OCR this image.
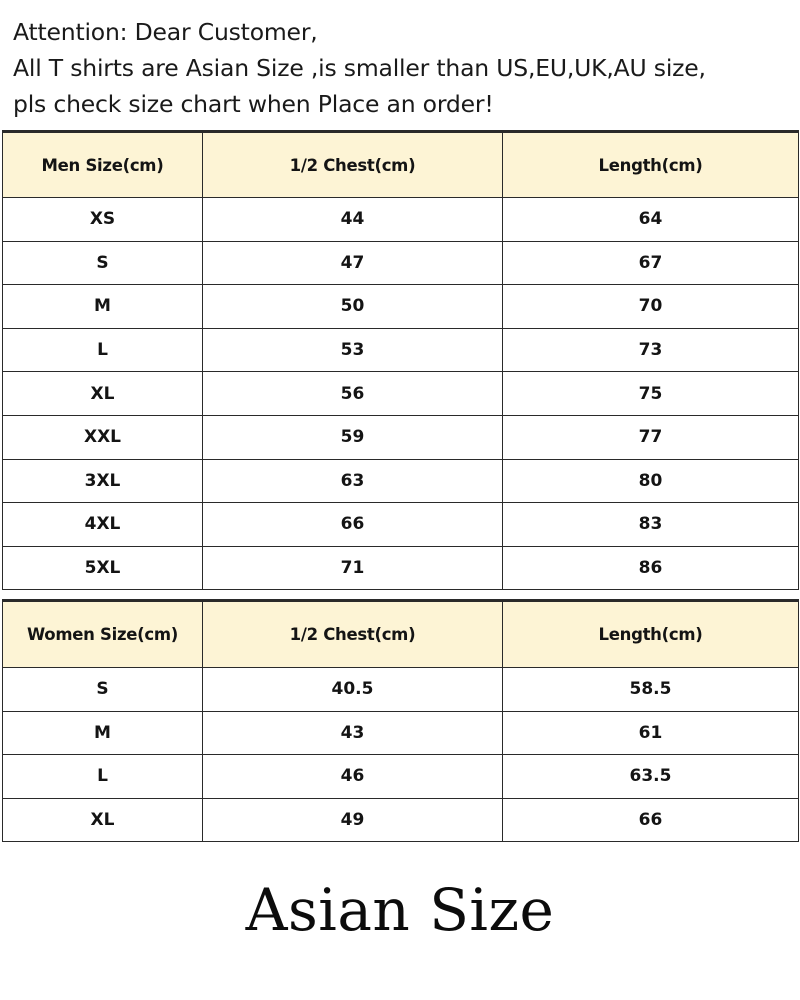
Attention: Dear Customer,
All T shirts are Asian Size ,is smaller than US,EU,UK,AU size,
pls check size chart when Place an order!
Men Size(cm)	1/2 Chest(cm)	Length(cm)
XS	44	64
S	47	67
M	50	70
L	53	73
XL	56	75
XXL	59	77
3XL	63	80
4XL	66	83
5XL	71	86
Women Size(cm)	1/2 Chest(cm)	Length(cm)
S	40.5	58.5
M	43	61
L	46	63.5
XL	49	66
Asian Size
